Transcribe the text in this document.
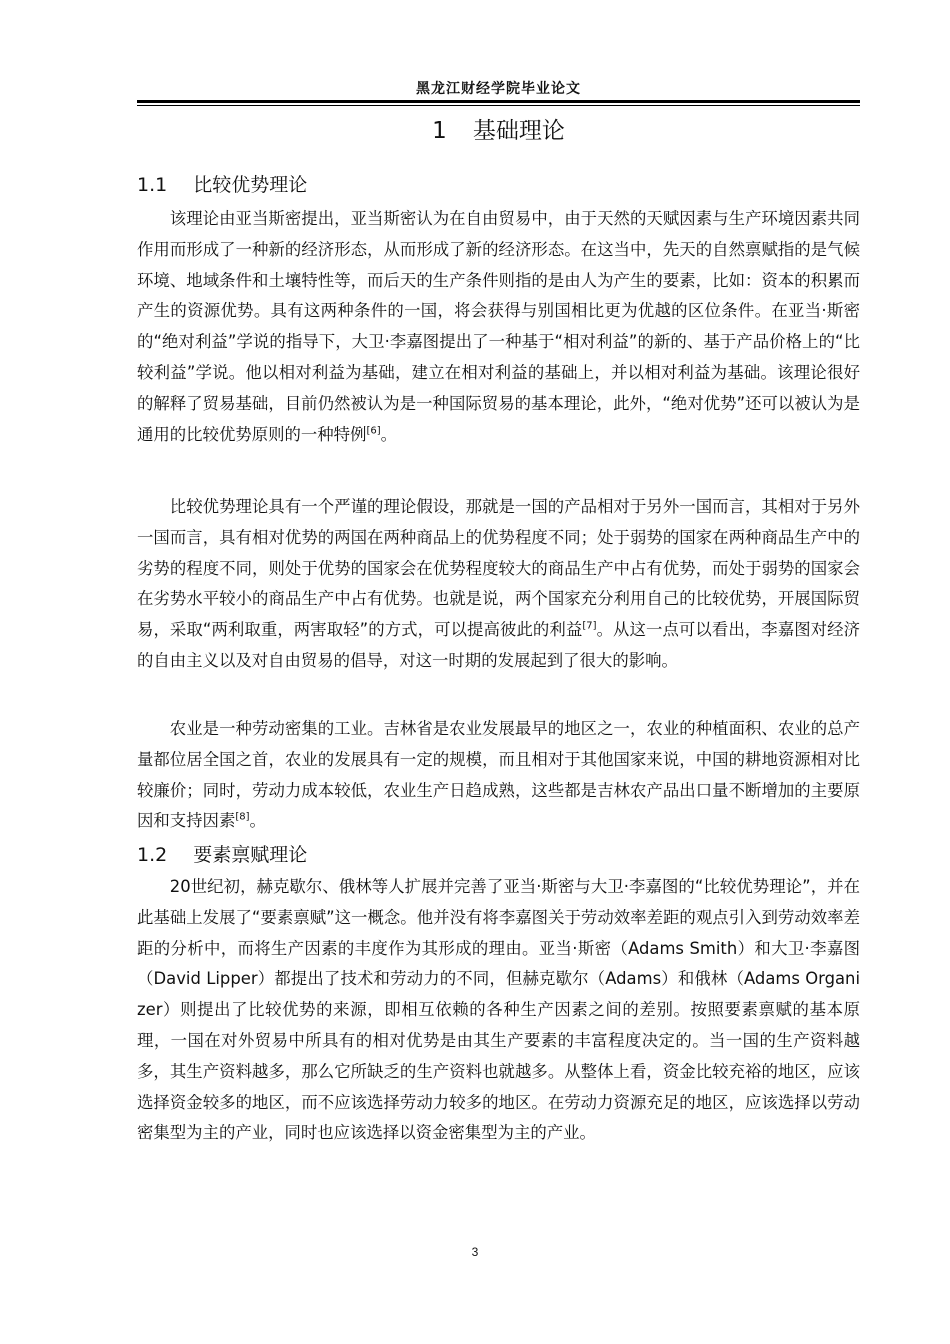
黑龙江财经学院毕业论文
1 基础理论
1.1 比较优势理论

该理论由亚当斯密提出，亚当斯密认为在自由贸易中，由于天然的天赋因素与生产环境因素共同作用而形成了一种新的经济形态，从而形成了新的经济形态。在这当中，先天的自然禀赋指的是气候环境、地域条件和土壤特性等，而后天的生产条件则指的是由人为产生的要素，比如：资本的积累而产生的资源优势。具有这两种条件的一国，将会获得与别国相比更为优越的区位条件。在亚当·斯密的“绝对利益”学说的指导下，大卫·李嘉图提出了一种基于“相对利益”的新的、基于产品价格上的“比较利益”学说。他以相对利益为基础，建立在相对利益的基础上，并以相对利益为基础。该理论很好的解释了贸易基础，目前仍然被认为是一种国际贸易的基本理论，此外，“绝对优势”还可以被认为是通用的比较优势原则的一种特例[6]。

比较优势理论具有一个严谨的理论假设，那就是一国的产品相对于另外一国而言，其相对于另外一国而言，具有相对优势的两国在两种商品上的优势程度不同；处于弱势的国家在两种商品生产中的劣势的程度不同，则处于优势的国家会在优势程度较大的商品生产中占有优势，而处于弱势的国家会在劣势水平较小的商品生产中占有优势。也就是说，两个国家充分利用自己的比较优势，开展国际贸易，采取“两利取重，两害取轻”的方式，可以提高彼此的利益[7]。从这一点可以看出，李嘉图对经济的自由主义以及对自由贸易的倡导，对这一时期的发展起到了很大的影响。

农业是一种劳动密集的工业。吉林省是农业发展最早的地区之一，农业的种植面积、农业的总产量都位居全国之首，农业的发展具有一定的规模，而且相对于其他国家来说，中国的耕地资源相对比较廉价；同时，劳动力成本较低，农业生产日趋成熟，这些都是吉林农产品出口量不断增加的主要原因和支持因素[8]。

1.2 要素禀赋理论

20世纪初，赫克歇尔、俄林等人扩展并完善了亚当·斯密与大卫·李嘉图的“比较优势理论”，并在此基础上发展了“要素禀赋”这一概念。他并没有将李嘉图关于劳动效率差距的观点引入到劳动效率差距的分析中，而将生产因素的丰度作为其形成的理由。亚当·斯密（Adams Smith）和大卫·李嘉图（David Lipper）都提出了技术和劳动力的不同，但赫克歇尔（Adams）和俄林（Adams Organizer）则提出了比较优势的来源，即相互依赖的各种生产因素之间的差别。按照要素禀赋的基本原理，一国在对外贸易中所具有的相对优势是由其生产要素的丰富程度决定的。当一国的生产资料越多，其生产资料越多，那么它所缺乏的生产资料也就越多。从整体上看，资金比较充裕的地区，应该选择资金较多的地区，而不应该选择劳动力较多的地区。在劳动力资源充足的地区，应该选择以劳动密集型为主的产业，同时也应该选择以资金密集型为主的产业。

3
